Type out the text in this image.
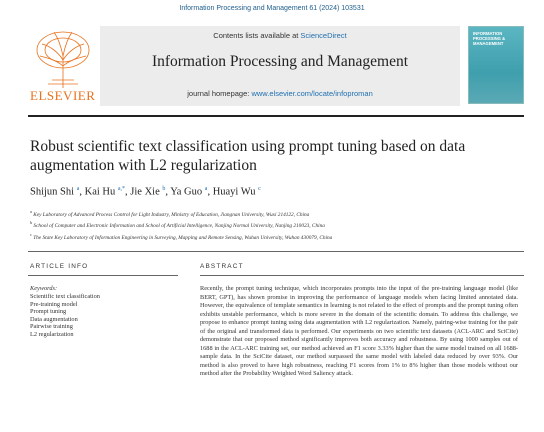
Information Processing and Management 61 (2024) 103531
ELSEVIER
Contents lists available at ScienceDirect
Information Processing and Management
journal homepage: www.elsevier.com/locate/infoproman
INFORMATION PROCESSING & MANAGEMENT
Robust scientific text classification using prompt tuning based on data augmentation with L2 regularization
Shijun Shi $^a$, Kai Hu $^{a,*}$, Jie Xie $^b$, Ya Guo $^a$, Huayi Wu $^c$
$^a$ Key Laboratory of Advanced Process Control for Light Industry, Ministry of Education, Jiangnan University, Wuxi 214122, China
$^b$ School of Computer and Electronic Information and School of Artificial Intelligence, Nanjing Normal University, Nanjing 210023, China
$^c$ The State Key Laboratory of Information Engineering in Surveying, Mapping and Remote Sensing, Wuhan University, Wuhan 430079, China
ARTICLE INFO	ABSTRACT
Keywords:
Scientific text classification
Pre-training model
Prompt tuning
Data augmentation
Pairwise training
L2 regularization
Recently, the prompt tuning technique, which incorporates prompts into the input of the pre-training language model (like BERT, GPT), has shown promise in improving the performance of language models when facing limited annotated data. However, the equivalence of template semantics in learning is not related to the effect of prompts and the prompt tuning often exhibits unstable performance, which is more severe in the domain of the scientific domain. To address this challenge, we propose to enhance prompt tuning using data augmentation with L2 regularization. Namely, pairing-wise training for the pair of the original and transformed data is performed. Our experiments on two scientific text datasets (ACL-ARC and SciCite) demonstrate that our proposed method significantly improves both accuracy and robustness. By using 1000 samples out of 1688 in the ACL-ARC training set, our method achieved an F1 score 3.33% higher than the same model trained on all 1688-sample data. In the SciCite dataset, our method surpassed the same model with labeled data reduced by over 93%. Our method is also proved to have high robustness, reaching F1 scores from 1% to 8% higher than those models without our method after the Probability Weighted Word Saliency attack.
